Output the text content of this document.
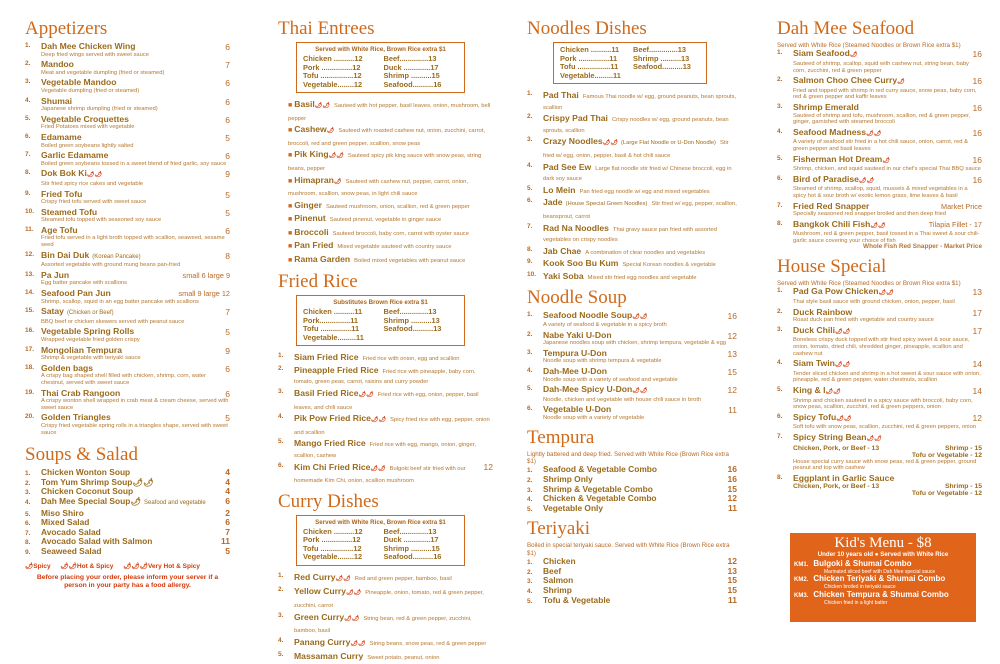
Appetizers
1. Dah Mee Chicken Wing
Deep fried wings served with sweet sauce
6
2. Mandoo
Meat and vegetable dumpling (fried or steamed)
7
3. Vegetable Mandoo
Vegetable dumpling (fried or steamed)
6
4. Shumai
Japanese shrimp dumpling (fried or steamed)
6
5. Vegetable Croquettes
Fried Potatoes mixed with vegetable
6
6. Edamame
Boiled green soybeans lightly salted
5
7. Garlic Edamame
Boiled green soybeans tossed in a sweet blend of fried garlic, soy sauce
6
8. Dok Bok Ki🌶🌶
Stir fried spicy rice cakes and vegetable
9
9. Fried Tofu
Crispy fried tofu served with sweet sauce
5
10. Steamed Tofu
Steamed tofu topped with seasoned soy sauce
5
11. Age Tofu
Fried tofu served in a light broth topped with scallion, seaweed, sesame seed
6
12. Bin Dai Duk (Korean Pancake)
Assorted vegetable with ground mung beans pan-fried
8
13. Pa Jun
Egg batter pancake with scallions
small 6 large 9
14. Seafood Pan Jun
Shrimp, scallop, squid in an egg batter pancake with scallions
small 9 large 12
15. Satay (Chicken or Beef)
BBQ beef or chicken skewers served with peanut sauce
7
16. Vegetable Spring Rolls
Wrapped vegetable fried golden crispy
5
17. Mongolian Tempura
Shrimp & vegetable with teriyaki sauce
9
18. Golden bags
A crispy bag shaped shell filled with chicken, shrimp, corn, water chestnut, served with sweet sauce
6
19. Thai Crab Rangoon
A crispy wonton shell wrapped in crab meat & cream cheese, served with sweet sauce
6
20. Golden Triangles
Crispy fried vegetable spring rolls in a triangles shape, served with sweet sauce
5
Soups & Salad
1. Chicken Wonton Soup	4
2. Tom Yum Shrimp Soup🌶🌶	4
3. Chicken Coconut Soup	4
4. Dah Mee Special Soup🌶 Seafood and vegetable 6
5. Miso Shiro	2
6. Mixed Salad	6
7. Avocado Salad	7
8. Avocado Salad with Salmon	11
9. Seaweed Salad	5
🌶Spicy 🌶🌶Hot & Spicy 🌶🌶🌶Very Hot & Spicy
Before placing your order, please inform your server if a person in your party has a food allergy.
Thai Entrees
Served with White Rice, Brown Rice extra $1
Chicken ..........12	Beef..............13
Pork ...............12	Duck .............17
Tofu ................12	Shrimp ..........15
Vegetable........12	Seafood..........16
■ Basil🌶🌶 Sauteed with hot pepper, basil leaves, onion, mushroom, bell pepper
■ Cashew🌶 Sauteed with roasted cashew nut, onion, zucchini, carrot, broccoli, red and green pepper, scallion, snow peas
■ Pik King🌶🌶 Sauteed spicy pik king sauce with snow peas, string beans, pepper
■ Himapran🌶 Sauteed with cashew nut, pepper, carrot, onion, mushroom, scallion, snow peas, in light chili sauce
■ Ginger Sauteed mushroom, onion, scallion, red & green pepper
■ Pinenut Sauteed pinenut, vegetable in ginger sauce
■ Broccoli Sauteed broccoli, baby corn, carrot with oyster sauce
■ Pan Fried Mixed vegetable sauteed with country sauce
■ Rama Garden Boiled mixed vegetables with peanut sauce
Fried Rice
Substitutes Brown Rice extra $1
Chicken ..........11	Beef..............13
Pork...............11	Shrimp ..........13
Tofu ...............11	Seafood..........13
Vegetable.........11
1. Siam Fried Rice Fried rice with onion, egg and scallion
2. Pineapple Fried Rice Fried rice with pineapple, baby corn, tomato, green peas, carrot, raisins and curry powder
3. Basil Fried Rice🌶🌶 Fried rice with egg, onion, pepper, basil leaves, and chili sauce
4. Pik Pow Fried Rice🌶🌶 Spicy fried rice with egg, pepper, onion and scallion
5. Mango Fried Rice Fried rice with egg, mango, onion, ginger, scallion, cashew
6. Kim Chi Fried Rice🌶🌶 Bulgoki beef stir fried with our homemade Kim Chi, onion, scallion mushroom
12
Curry Dishes
Served with White Rice, Brown Rice extra $1
Chicken ..........12	Beef..............13
Pork ...............12	Duck .............17
Tofu ................12	Shrimp ..........15
Vegetable........12	Seafood..........16
1. Red Curry🌶🌶 Red and green pepper, bamboo, basil
2. Yellow Curry🌶🌶 Pineapple, onion, tomato, red & green pepper, zucchini, carrot
3. Green Curry🌶🌶 String bean, red & green pepper, zucchini, bamboo, basil
4. Panang Curry🌶🌶 String beans, snow peas, red & green pepper
5. Massaman Curry Sweet potato, peanut, onion
Noodles Dishes
Chicken ..........11	Beef..............13
Pork ...............11	Shrimp ..........13
Tofu ................11	Seafood..........13
Vegetable.........11
1. Pad Thai Famous Thai noodle w/ egg, ground peanuts, bean sprouts, scallion
2. Crispy Pad Thai Crispy noodles w/ egg, ground peanuts, bean sprouts, scallion
3. Crazy Noodles🌶🌶 (Large Flat Noodle or U-Don Noodle) Stir fried w/ egg, onion, pepper, basil & hot chili sauce
4. Pad See Ew Large flat noodle stir fried w/ Chinese broccoli, egg in dark soy sauce
5. Lo Mein Pan fried egg noodle w/ egg and mixed vegetables
6. Jade (House Special Green Noodles) Stir fried w/ egg, pepper, scallion, beansprout, carrot
7. Rad Na Noodles Thai gravy sauce pan fried with assorted vegetables on crispy noodles
8. Jab Chae A combination of clear noodles and vegetables
9. Kook Soo Bu Kum Special Korean noodles & vegetable
10. Yaki Soba Mixed stir fried egg noodles and vegetable
Noodle Soup
1. Seafood Noodle Soup🌶🌶
A variety of seafood & vegetable in a spicy broth
16
2. Nabe Yaki U-Don
Japanese noodles soup with chicken, shrimp tempura, vegetable & egg
12
3. Tempura U-Don
Noodle soup with shrimp tempura & vegetable
13
4. Dah-Mee U-Don
Noodle soup with a variety of seafood and vegetable
15
5. Dah-Mee Spicy U-Don🌶🌶
Noodle, chicken and vegetable with house chili sauce in broth
12
6. Vegetable U-Don
Noodle soup with a variety of vegetable
11
Tempura
Lightly battered and deep fried. Served with White Rice (Brown Rice extra $1)
1. Seafood & Vegetable Combo	16
2. Shrimp Only	16
3. Shrimp & Vegetable Combo	15
4. Chicken & Vegetable Combo	12
5. Vegetable Only	11
Teriyaki
Boiled in special teriyaki sauce. Served with White Rice (Brown Rice extra $1)
1. Chicken	12
2. Beef	13
3. Salmon	15
4. Shrimp	15
5. Tofu & Vegetable	11
Dah Mee Seafood
Served with White Rice (Steamed Noodles or Brown Rice extra $1)
1. Siam Seafood🌶
Sauteed of shrimp, scallop, squid with cashew nut, string bean, baby corn, zucchini, red & green pepper
16
2. Salmon Choo Chee Curry🌶
Fried and topped with shrimp in red curry sauce, snow peas, baby corn, red & green pepper and kaffir leaves
16
3. Shrimp Emerald
Sauteed of shrimp and tofu, mushroom, scallion, red & green pepper, ginger, garnished with steamed broccoli
16
4. Seafood Madness🌶🌶
A variety of seafood stir fried in a hot chili sauce, onion, carrot, red & green pepper and basil leaves
16
5. Fisherman Hot Dream🌶
Shrimp, chicken, and squid sauteed in our chef's special Thai BBQ sauce
16
6. Bird of Paradise🌶🌶
Steamed of shrimp, scallop, squid, mussels & mixed vegetables in a spicy hot & sour broth w/ exotic lemon grass, lime leaves & basil
16
7. Fried Red Snapper
Specially seasoned red snapper broiled and then deep fried
Market Price
8. Bangkok Chili Fish🌶🌶
Mushroom, red & green pepper, basil tossed in a Thai sweet & sour chili-garlic sauce covering your choice of fish
Tilapia Fillet - 17
Whole Fish Red Snapper - Market Price
House Special
Served with White Rice (Steamed Noodles or Brown Rice extra $1)
1. Pad Ga Pow Chicken🌶🌶
Thai style basil sauce with ground chicken, onion, pepper, basil
13
2. Duck Rainbow
Roast duck pan fried with vegetable and country sauce
17
3. Duck Chili🌶🌶
Boneless crispy duck topped with stir fried spicy sweet & sour sauce, onion, tomato, dried chili, shredded ginger, pineapple, scallion and cashew nut
17
4. Siam Twin🌶🌶
Tender sliced chicken and shrimp in a hot sweet & sour sauce with onion, pineapple, red & green pepper, water chestnuts, scallion
14
5. King & I🌶🌶
Shrimp and chicken sauteed in a spicy sauce with broccoli, baby corn, snow peas, scallion, zucchini, red & green peppers, onion
14
6. Spicy Tofu🌶🌶
Soft tofu with snow peas, scallion, zucchini, red & green peppers, onion
12
7. Spicy String Bean🌶🌶
Chicken, Pork, or Beef - 13	Shrimp - 15
Tofu or Vegetable - 12
House special curry sauce with snow peas, red & green pepper, ground peanut and top with cashew
8. Eggplant in Garlic Sauce
Chicken, Pork, or Beef - 13	Shrimp - 15
Tofu or Vegetable - 12
Kid's Menu - $8
Under 10 years old ● Served with White Rice
KM1. Bulgoki & Shumai Combo
Marinated sliced beef with Dah Mee special sauce
KM2. Chicken Teriyaki & Shumai Combo
Chicken broiled in teriyaki sauce
KM3. Chicken Tempura & Shumai Combo
Chicken fried in a light batter
